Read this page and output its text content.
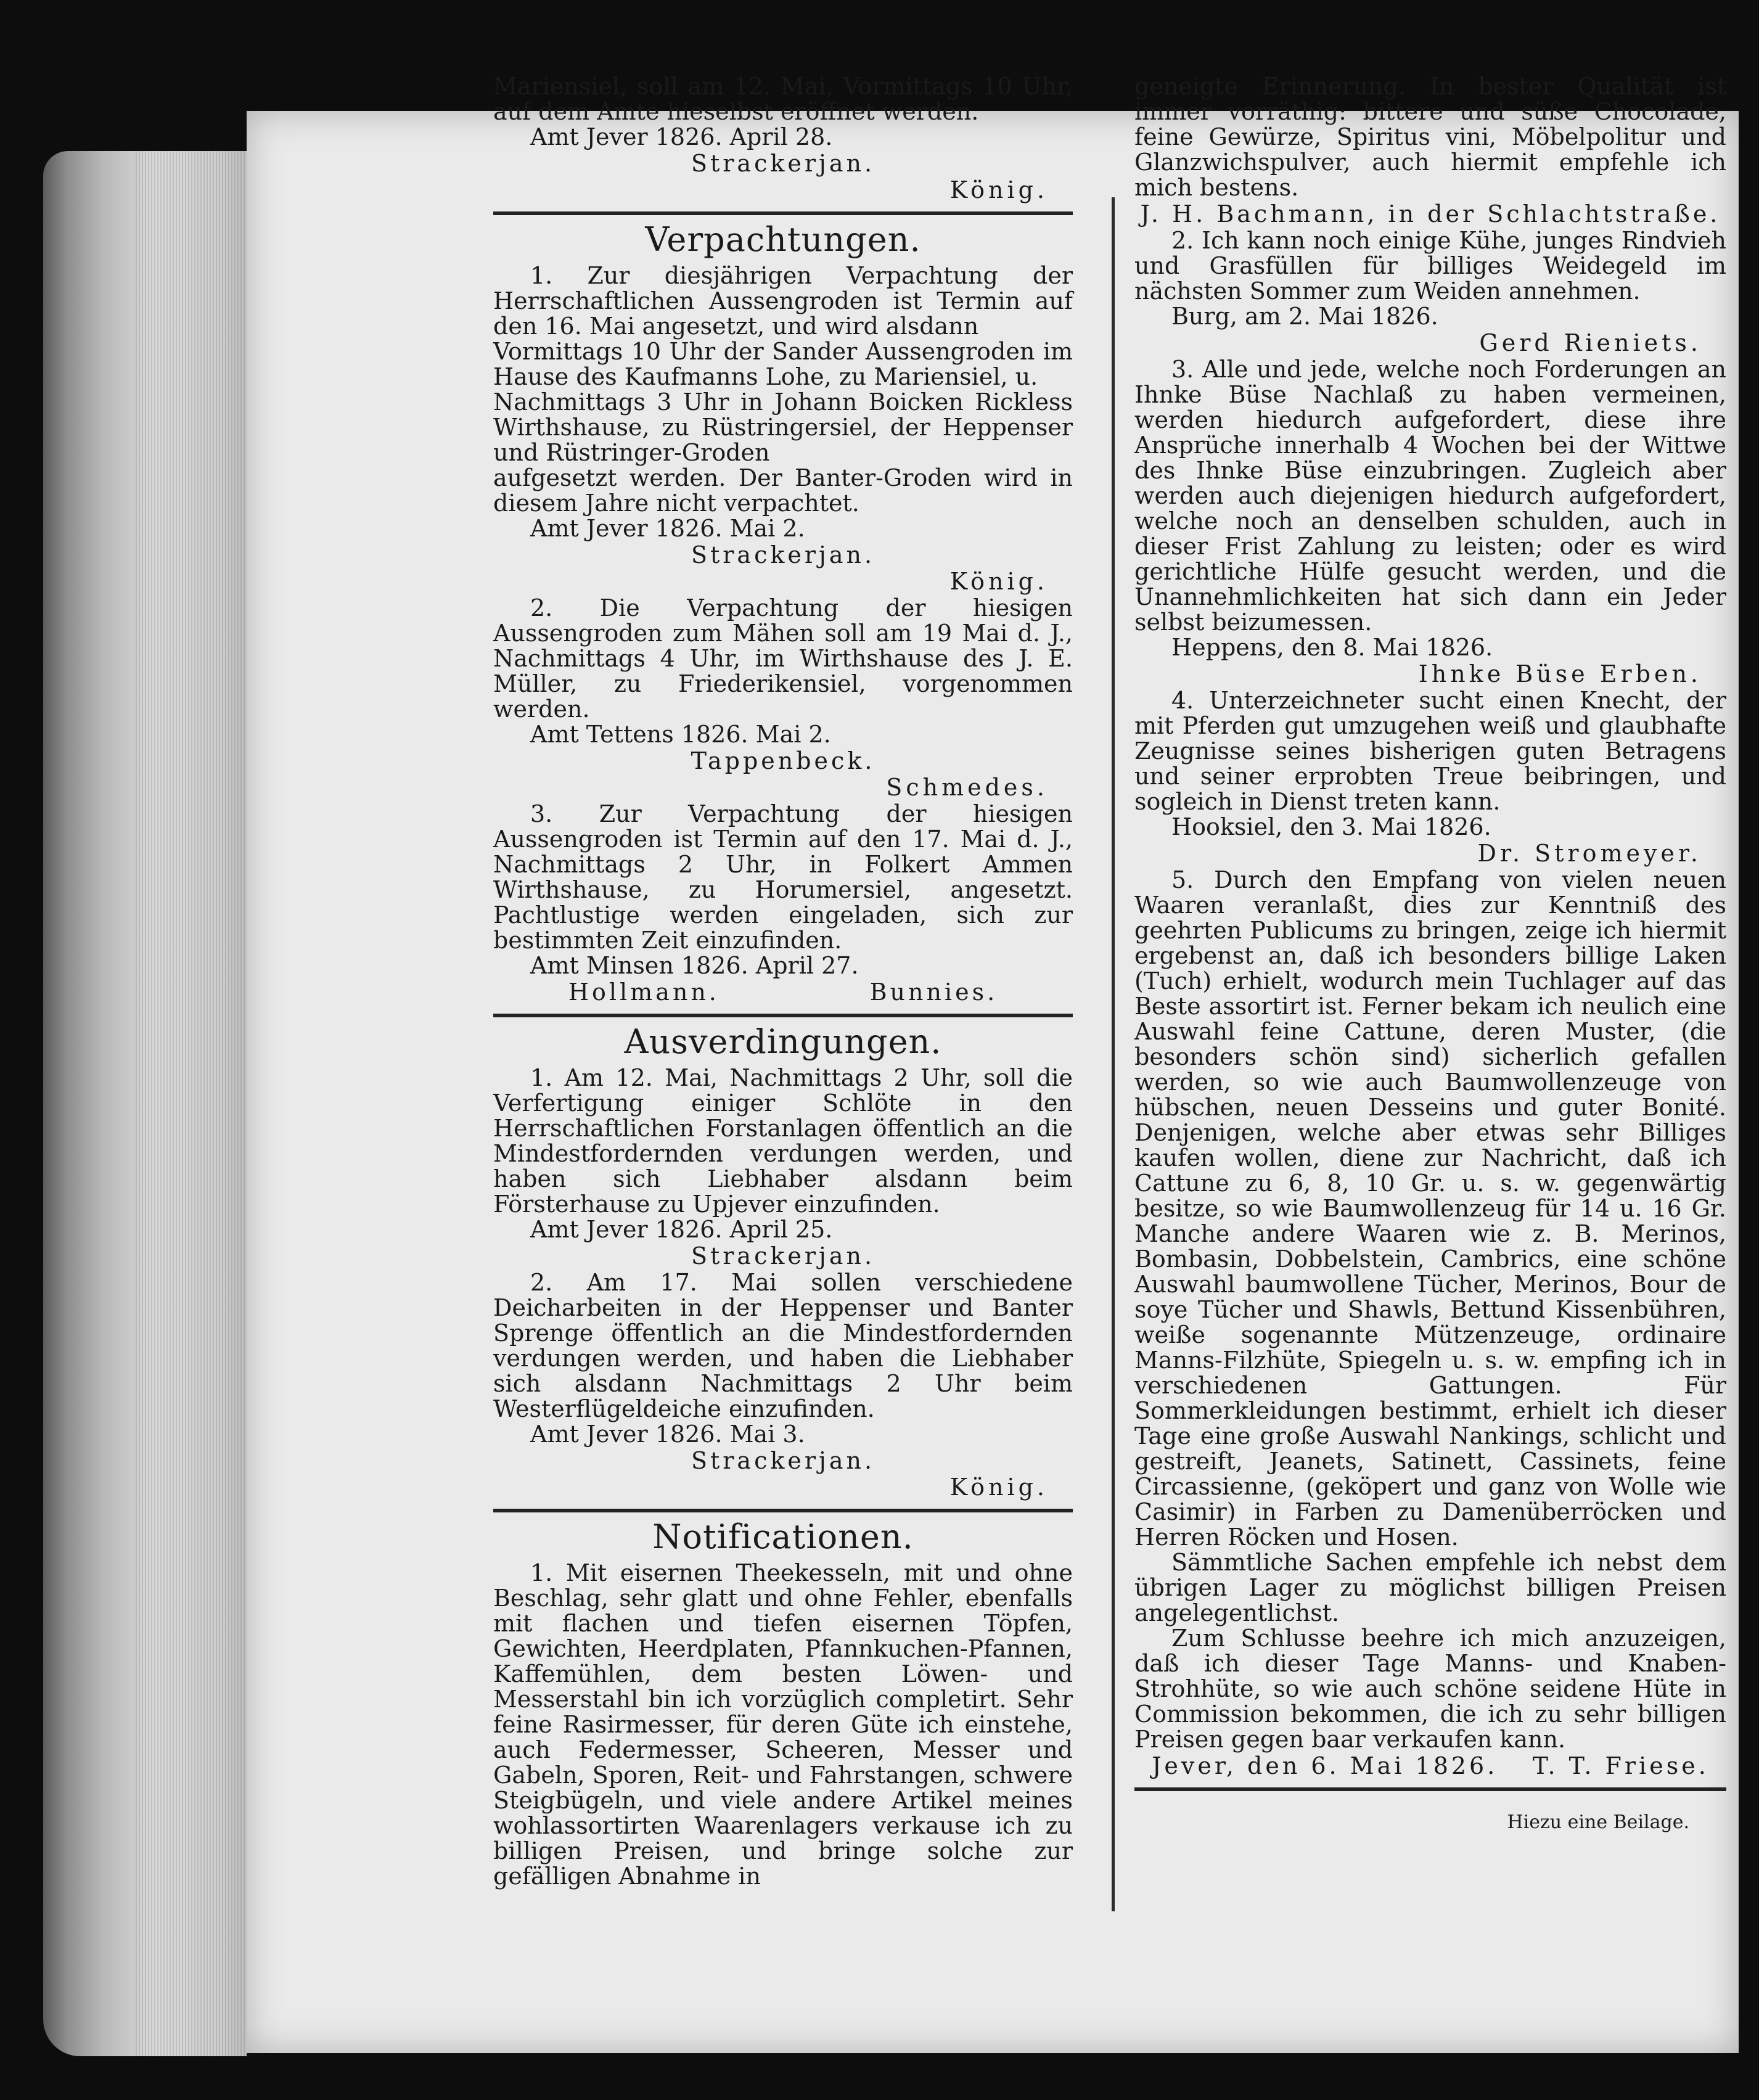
Mariensiel, soll am 12. Mai, Vormittags 10 Uhr, auf dem Amte hieselbst eröffnet werden.

Amt Jever 1826. April 28.

Strackerjan.

König.

Verpachtungen.

1. Zur diesjährigen Verpachtung der Herrschaftlichen Aussengroden ist Termin auf den 16. Mai angesetzt, und wird alsdann

Vormittags 10 Uhr der Sander Aussengroden im Hause des Kaufmanns Lohe, zu Mariensiel, u.

Nachmittags 3 Uhr in Johann Boicken Rickless Wirthshause, zu Rüstringersiel, der Heppenser und Rüstringer-Groden

aufgesetzt werden. Der Banter-Groden wird in diesem Jahre nicht verpachtet.

Amt Jever 1826. Mai 2.

Strackerjan.

König.

2. Die Verpachtung der hiesigen Aussengroden zum Mähen soll am 19 Mai d. J., Nachmittags 4 Uhr, im Wirthshause des J. E. Müller, zu Friederikensiel, vorgenommen werden.

Amt Tettens 1826. Mai 2.

Tappenbeck.

Schmedes.

3. Zur Verpachtung der hiesigen Aussengroden ist Termin auf den 17. Mai d. J., Nachmittags 2 Uhr, in Folkert Ammen Wirthshause, zu Horumersiel, angesetzt. Pachtlustige werden eingeladen, sich zur bestimmten Zeit einzufinden.

Amt Minsen 1826. April 27.

Hollmann.	Bunnies.
Ausverdingungen.

1. Am 12. Mai, Nachmittags 2 Uhr, soll die Verfertigung einiger Schlöte in den Herrschaftlichen Forstanlagen öffentlich an die Mindestfordernden verdungen werden, und haben sich Liebhaber alsdann beim Försterhause zu Upjever einzufinden.

Amt Jever 1826. April 25.

Strackerjan.

2. Am 17. Mai sollen verschiedene Deicharbeiten in der Heppenser und Banter Sprenge öffentlich an die Mindestfordernden verdungen werden, und haben die Liebhaber sich alsdann Nachmittags 2 Uhr beim Westerflügeldeiche einzufinden.

Amt Jever 1826. Mai 3.

Strackerjan.

König.

Notificationen.

1. Mit eisernen Theekesseln, mit und ohne Beschlag, sehr glatt und ohne Fehler, ebenfalls mit flachen und tiefen eisernen Töpfen, Gewichten, Heerdplaten, Pfannkuchen-Pfannen, Kaffemühlen, dem besten Löwen- und Messerstahl bin ich vorzüglich completirt. Sehr feine Rasirmesser, für deren Güte ich einstehe, auch Federmesser, Scheeren, Messer und Gabeln, Sporen, Reit- und Fahrstangen, schwere Steigbügeln, und viele andere Artikel meines wohlassortirten Waarenlagers verkause ich zu billigen Preisen, und bringe solche zur gefälligen Abnahme in

geneigte Erinnerung. In bester Qualität ist immer vorräthig: bittere und süße Chocolade, feine Gewürze, Spiritus vini, Möbelpolitur und Glanzwichspulver, auch hiermit empfehle ich mich bestens.

J. H. Bachmann, in der Schlachtstraße.

2. Ich kann noch einige Kühe, junges Rindvieh und Grasfüllen für billiges Weidegeld im nächsten Sommer zum Weiden annehmen.

Burg, am 2. Mai 1826.

Gerd Rieniets.

3. Alle und jede, welche noch Forderungen an Ihnke Büse Nachlaß zu haben vermeinen, werden hiedurch aufgefordert, diese ihre Ansprüche innerhalb 4 Wochen bei der Wittwe des Ihnke Büse einzubringen. Zugleich aber werden auch diejenigen hiedurch aufgefordert, welche noch an denselben schulden, auch in dieser Frist Zahlung zu leisten; oder es wird gerichtliche Hülfe gesucht werden, und die Unannehmlichkeiten hat sich dann ein Jeder selbst beizumessen.

Heppens, den 8. Mai 1826.

Ihnke Büse Erben.

4. Unterzeichneter sucht einen Knecht, der mit Pferden gut umzugehen weiß und glaubhafte Zeugnisse seines bisherigen guten Betragens und seiner erprobten Treue beibringen, und sogleich in Dienst treten kann.

Hooksiel, den 3. Mai 1826.

Dr. Stromeyer.

5. Durch den Empfang von vielen neuen Waaren veranlaßt, dies zur Kenntniß des geehrten Publicums zu bringen, zeige ich hiermit ergebenst an, daß ich besonders billige Laken (Tuch) erhielt, wodurch mein Tuchlager auf das Beste assortirt ist. Ferner bekam ich neulich eine Auswahl feine Cattune, deren Muster, (die besonders schön sind) sicherlich gefallen werden, so wie auch Baumwollenzeuge von hübschen, neuen Desseins und guter Bonité. Denjenigen, welche aber etwas sehr Billiges kaufen wollen, diene zur Nachricht, daß ich Cattune zu 6, 8, 10 Gr. u. s. w. gegenwärtig besitze, so wie Baumwollenzeug für 14 u. 16 Gr. Manche andere Waaren wie z. B. Merinos, Bombasin, Dobbelstein, Cambrics, eine schöne Auswahl baumwollene Tücher, Merinos, Bour de soye Tücher und Shawls, Bettund Kissenbühren, weiße sogenannte Mützenzeuge, ordinaire Manns-Filzhüte, Spiegeln u. s. w. empfing ich in verschiedenen Gattungen. Für Sommerkleidungen bestimmt, erhielt ich dieser Tage eine große Auswahl Nankings, schlicht und gestreift, Jeanets, Satinett, Cassinets, feine Circassienne, (geköpert und ganz von Wolle wie Casimir) in Farben zu Damenüberröcken und Herren Röcken und Hosen.

Sämmtliche Sachen empfehle ich nebst dem übrigen Lager zu möglichst billigen Preisen angelegentlichst.

Zum Schlusse beehre ich mich anzuzeigen, daß ich dieser Tage Manns- und Knaben-Strohhüte, so wie auch schöne seidene Hüte in Commission bekommen, die ich zu sehr billigen Preisen gegen baar verkaufen kann.

Jever, den 6. Mai 1826. T. T. Friese.

Hiezu eine Beilage.
